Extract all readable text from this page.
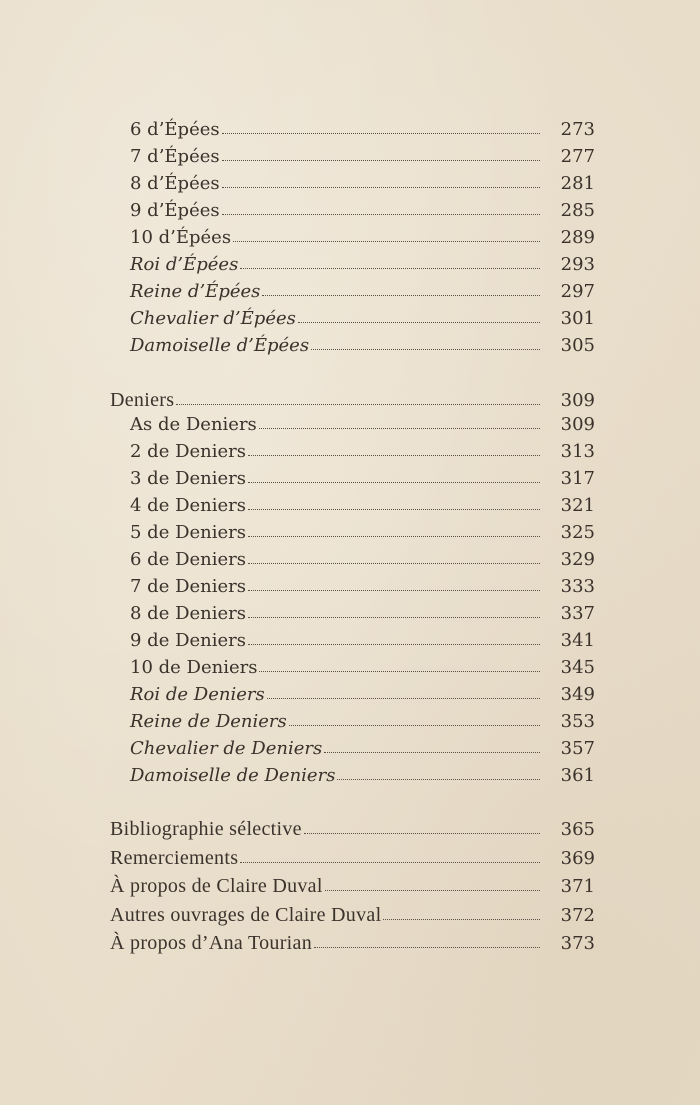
6 d’Épées	273
7 d’Épées	277
8 d’Épées	281
9 d’Épées	285
10 d’Épées	289
Roi d’Épées	293
Reine d’Épées	297
Chevalier d’Épées	301
Damoiselle d’Épées	305
Deniers	309
As de Deniers	309
2 de Deniers	313
3 de Deniers	317
4 de Deniers	321
5 de Deniers	325
6 de Deniers	329
7 de Deniers	333
8 de Deniers	337
9 de Deniers	341
10 de Deniers	345
Roi de Deniers	349
Reine de Deniers	353
Chevalier de Deniers	357
Damoiselle de Deniers	361
Bibliographie sélective	365
Remerciements	369
À propos de Claire Duval	371
Autres ouvrages de Claire Duval	372
À propos d’Ana Tourian	373
